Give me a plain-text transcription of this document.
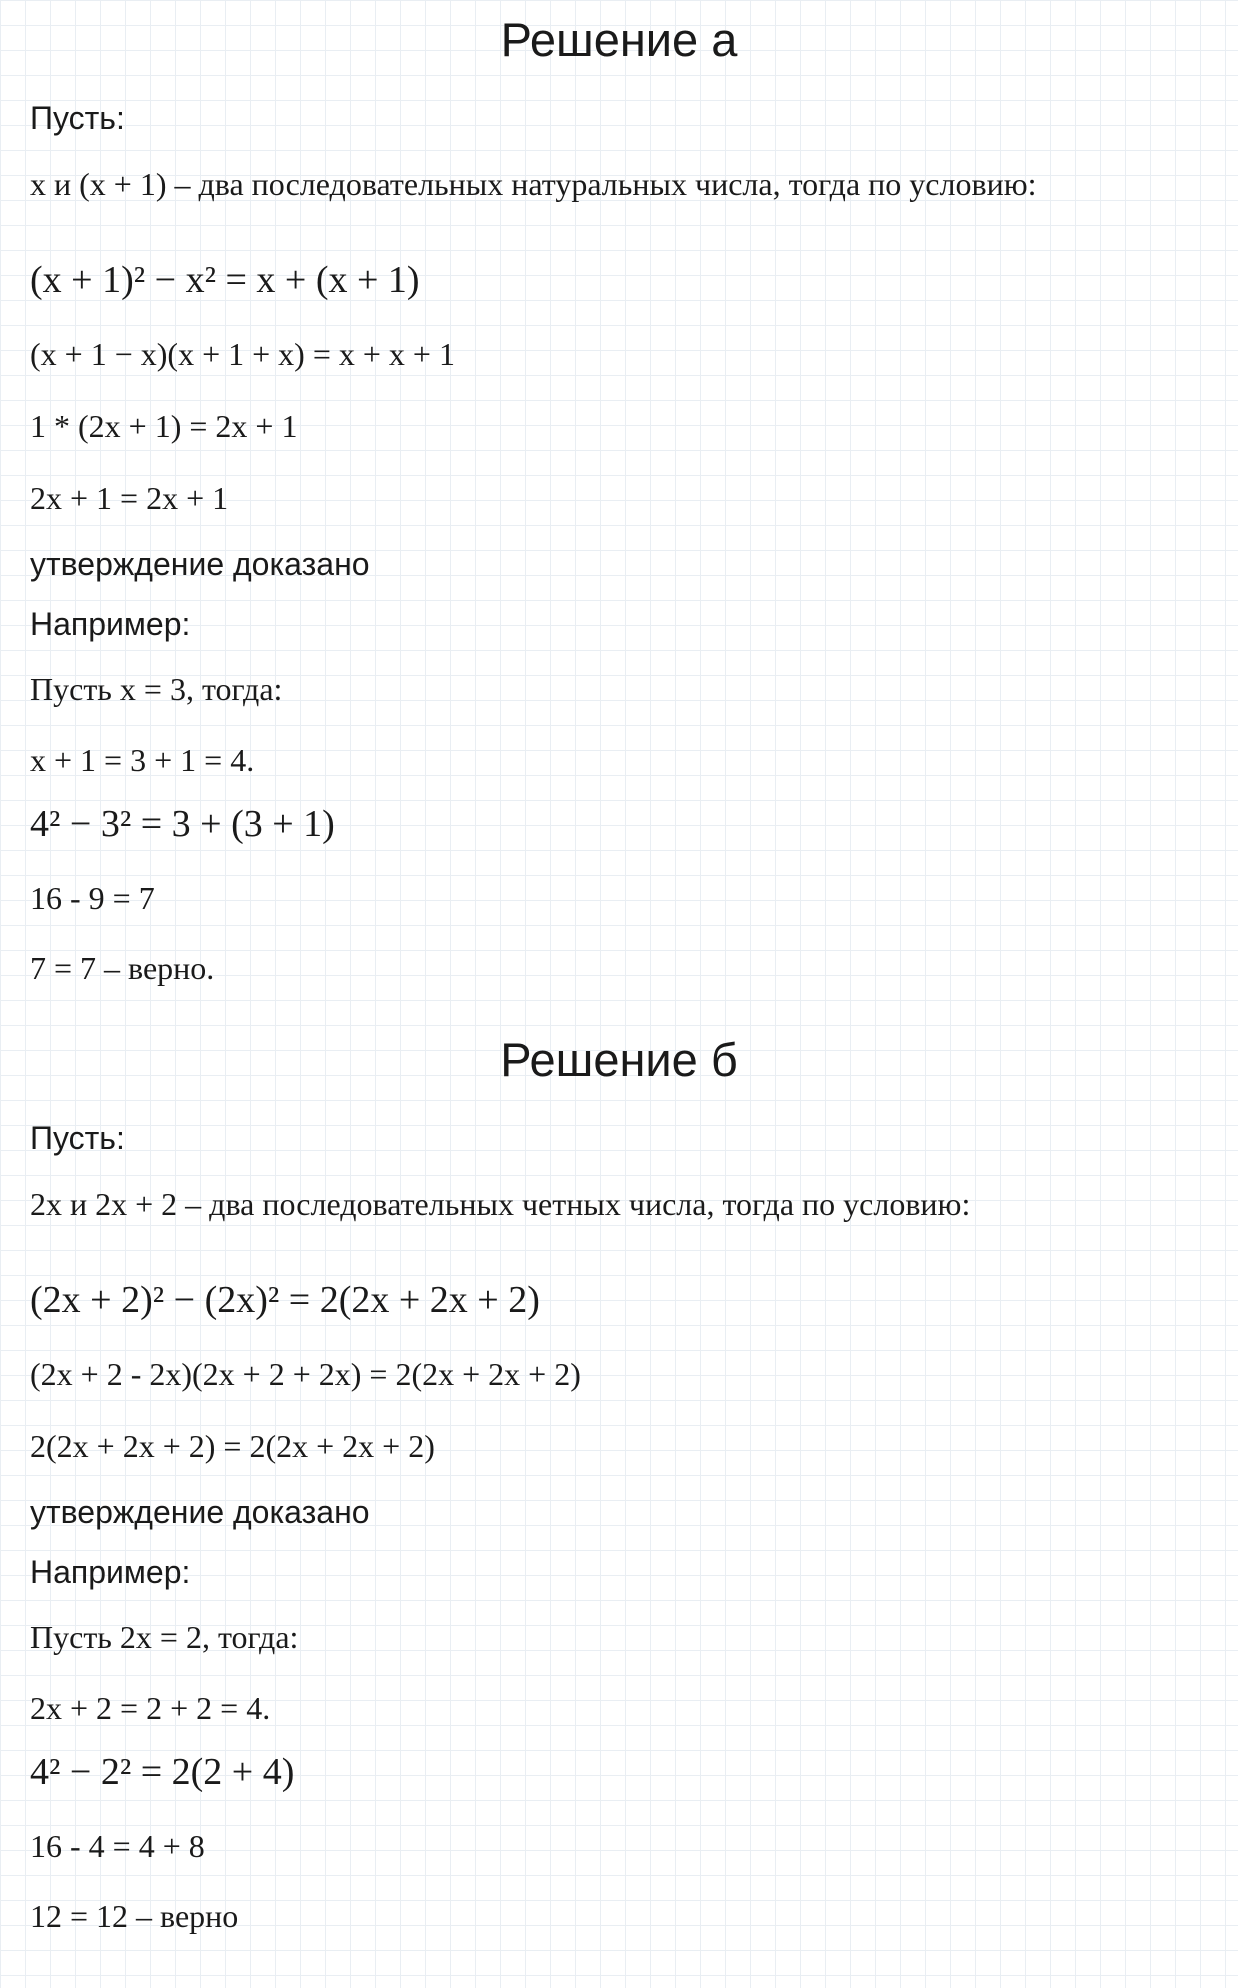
Решение а
Пусть:
x и (x + 1) – два последовательных натуральных числа, тогда по условию:
(x + 1)² − x² = x + (x + 1)
(x + 1 − x)(x + 1 + x) = x + x + 1
1 * (2x + 1) = 2x + 1
2x + 1 = 2x + 1
утверждение доказано
Например:
Пусть x = 3, тогда:
x + 1 = 3 + 1 = 4.
4² − 3² = 3 + (3 + 1)
16 - 9 = 7
7 = 7 – верно.
Решение б
Пусть:
2x и 2x + 2 – два последовательных четных числа, тогда по условию:
(2x + 2)² − (2x)² = 2(2x + 2x + 2)
(2x + 2 - 2x)(2x + 2 + 2x) = 2(2x + 2x + 2)
2(2x + 2x + 2) = 2(2x + 2x + 2)
утверждение доказано
Например:
Пусть 2x = 2, тогда:
2x + 2 = 2 + 2 = 4.
4² − 2² = 2(2 + 4)
16 - 4 = 4 + 8
12 = 12 – верно
